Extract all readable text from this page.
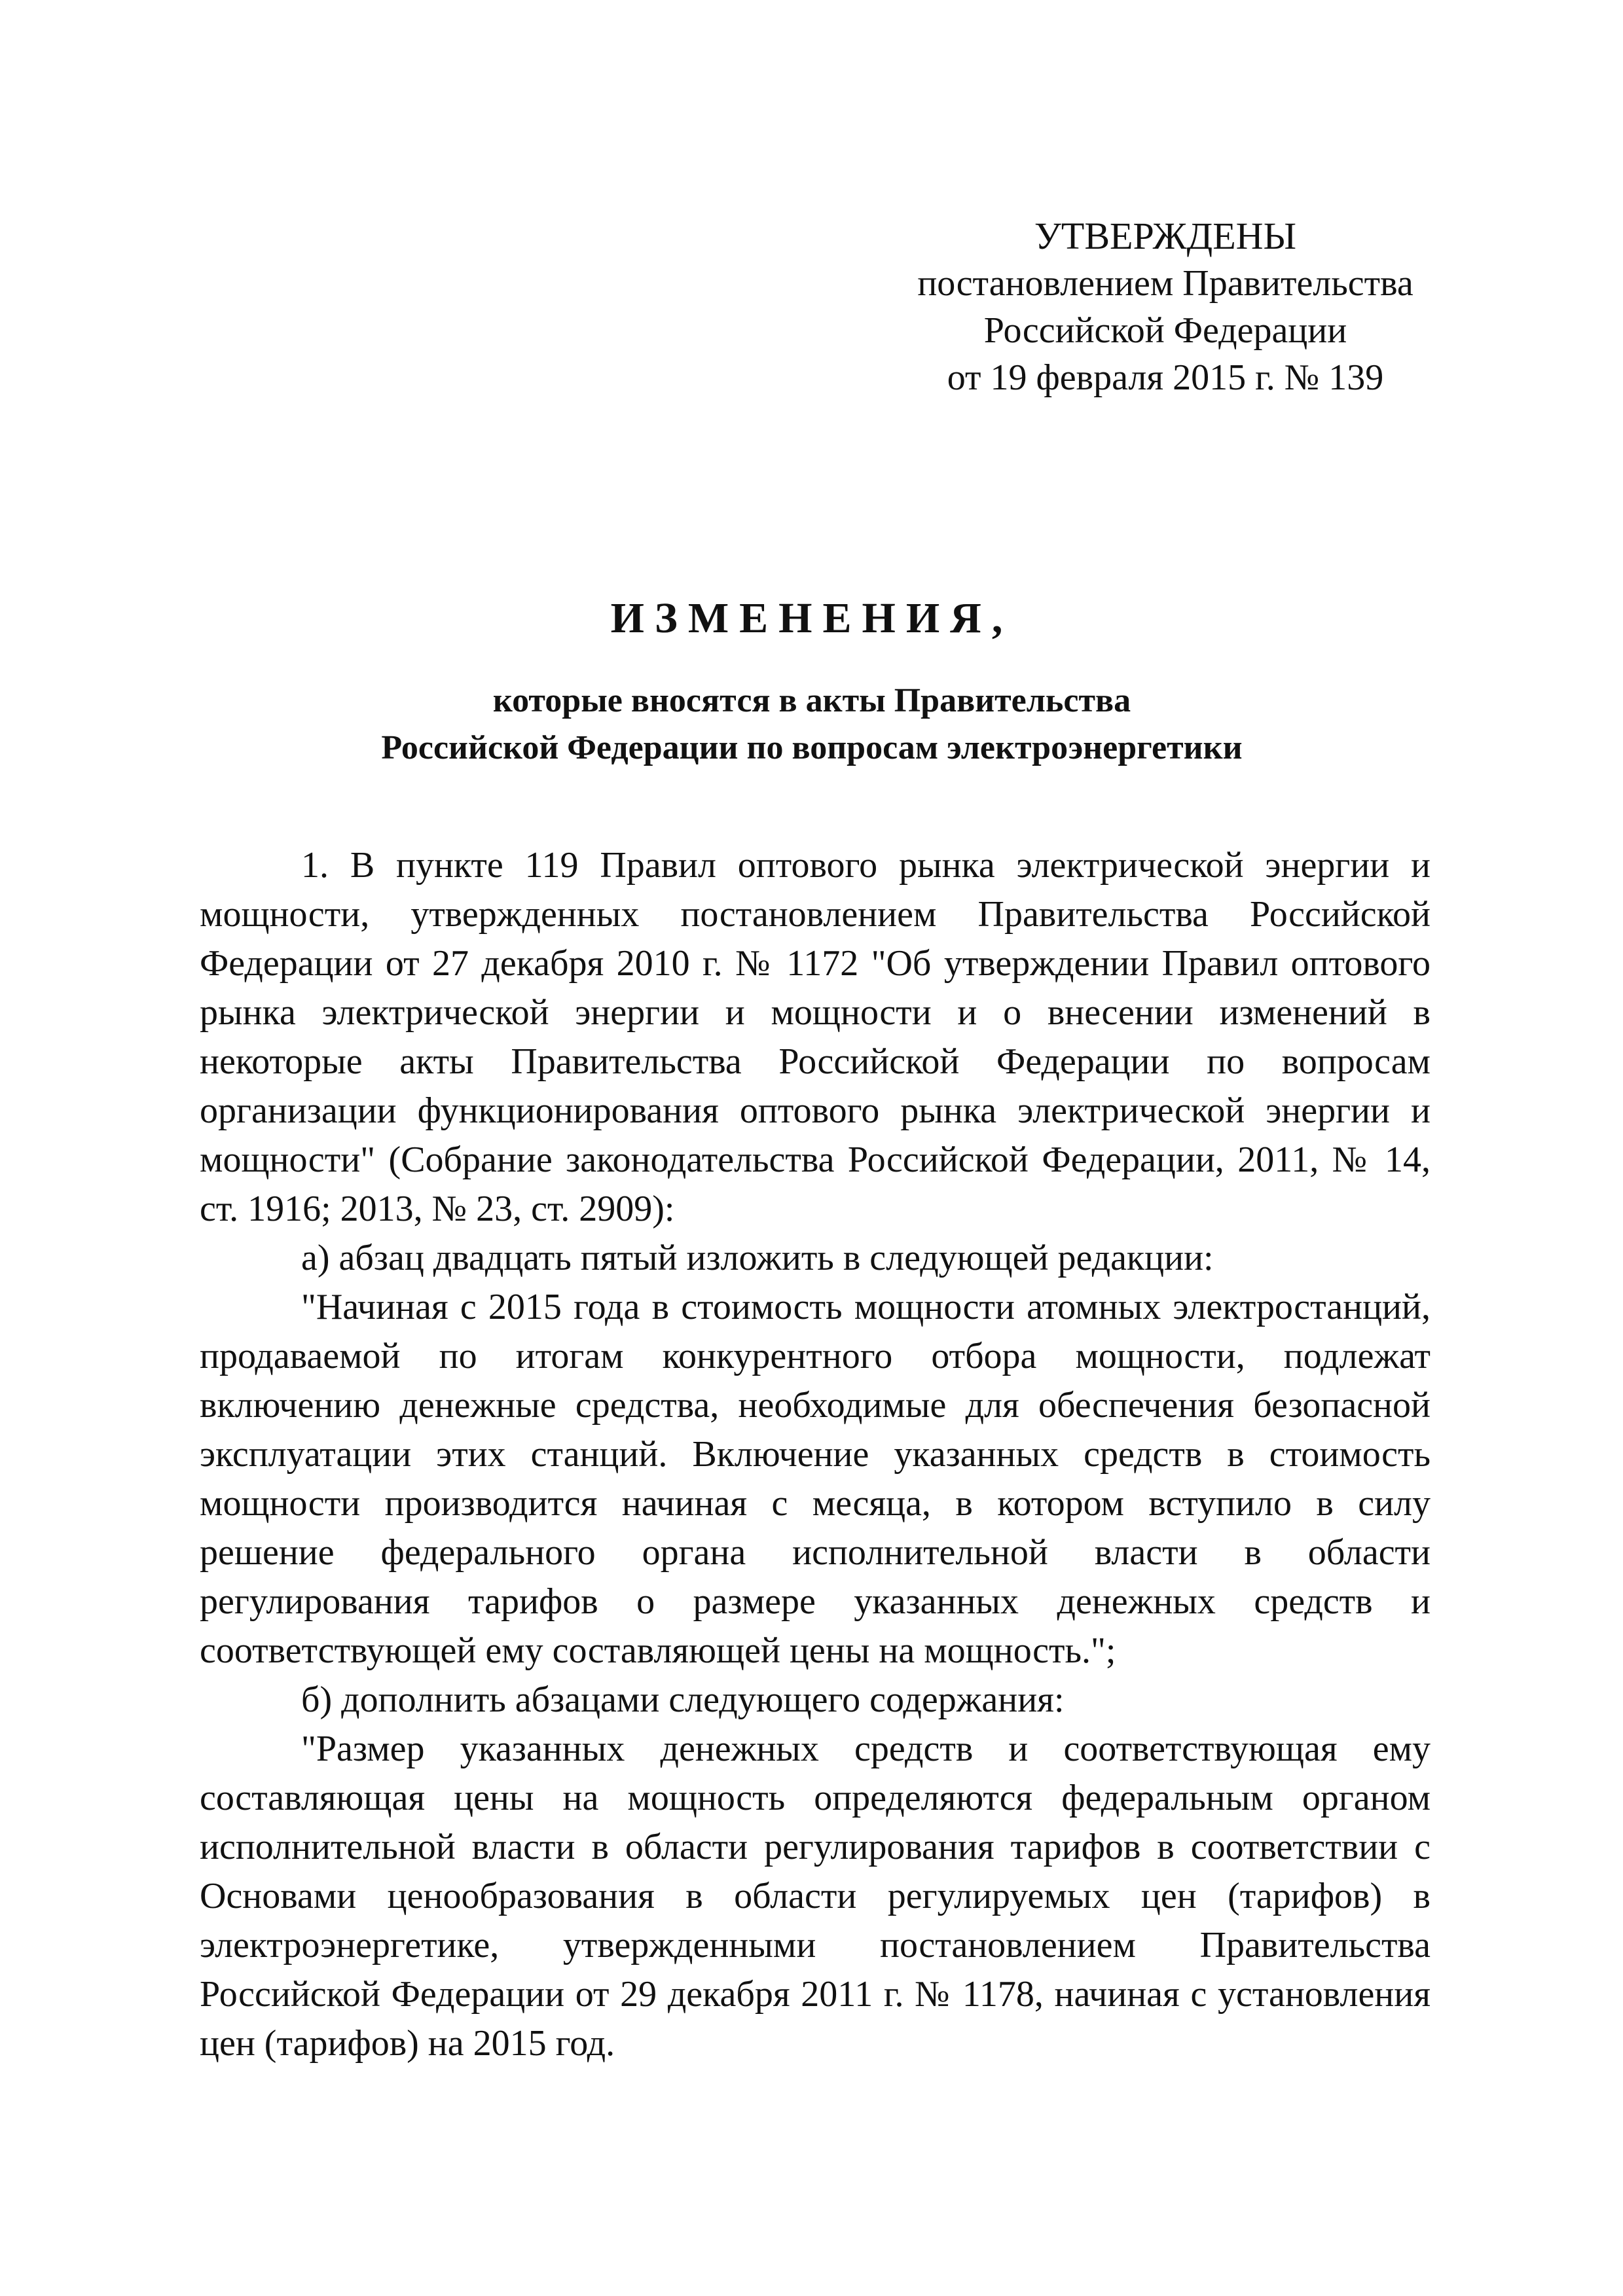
УТВЕРЖДЕНЫ
постановлением Правительства
Российской Федерации
от 19 февраля 2015 г. № 139
ИЗМЕНЕНИЯ,
которые вносятся в акты Правительства
Российской Федерации по вопросам электроэнергетики

1. В пункте 119 Правил оптового рынка электрической энергии и мощности, утвержденных постановлением Правительства Российской Федерации от 27 декабря 2010 г. № 1172 "Об утверждении Правил оптового рынка электрической энергии и мощности и о внесении изменений в некоторые акты Правительства Российской Федерации по вопросам организации функционирования оптового рынка электрической энергии и мощности" (Собрание законодательства Российской Федерации, 2011, № 14, ст. 1916; 2013, № 23, ст. 2909):

а) абзац двадцать пятый изложить в следующей редакции:

"Начиная с 2015 года в стоимость мощности атомных электростанций, продаваемой по итогам конкурентного отбора мощности, подлежат включению денежные средства, необходимые для обеспечения безопасной эксплуатации этих станций. Включение указанных средств в стоимость мощности производится начиная с месяца, в котором вступило в силу решение федерального органа исполнительной власти в области регулирования тарифов о размере указанных денежных средств и соответствующей ему составляющей цены на мощность.";

б) дополнить абзацами следующего содержания:

"Размер указанных денежных средств и соответствующая ему составляющая цены на мощность определяются федеральным органом исполнительной власти в области регулирования тарифов в соответствии с Основами ценообразования в области регулируемых цен (тарифов) в электроэнергетике, утвержденными постановлением Правительства Российской Федерации от 29 декабря 2011 г. № 1178, начиная с установления цен (тарифов) на 2015 год.
